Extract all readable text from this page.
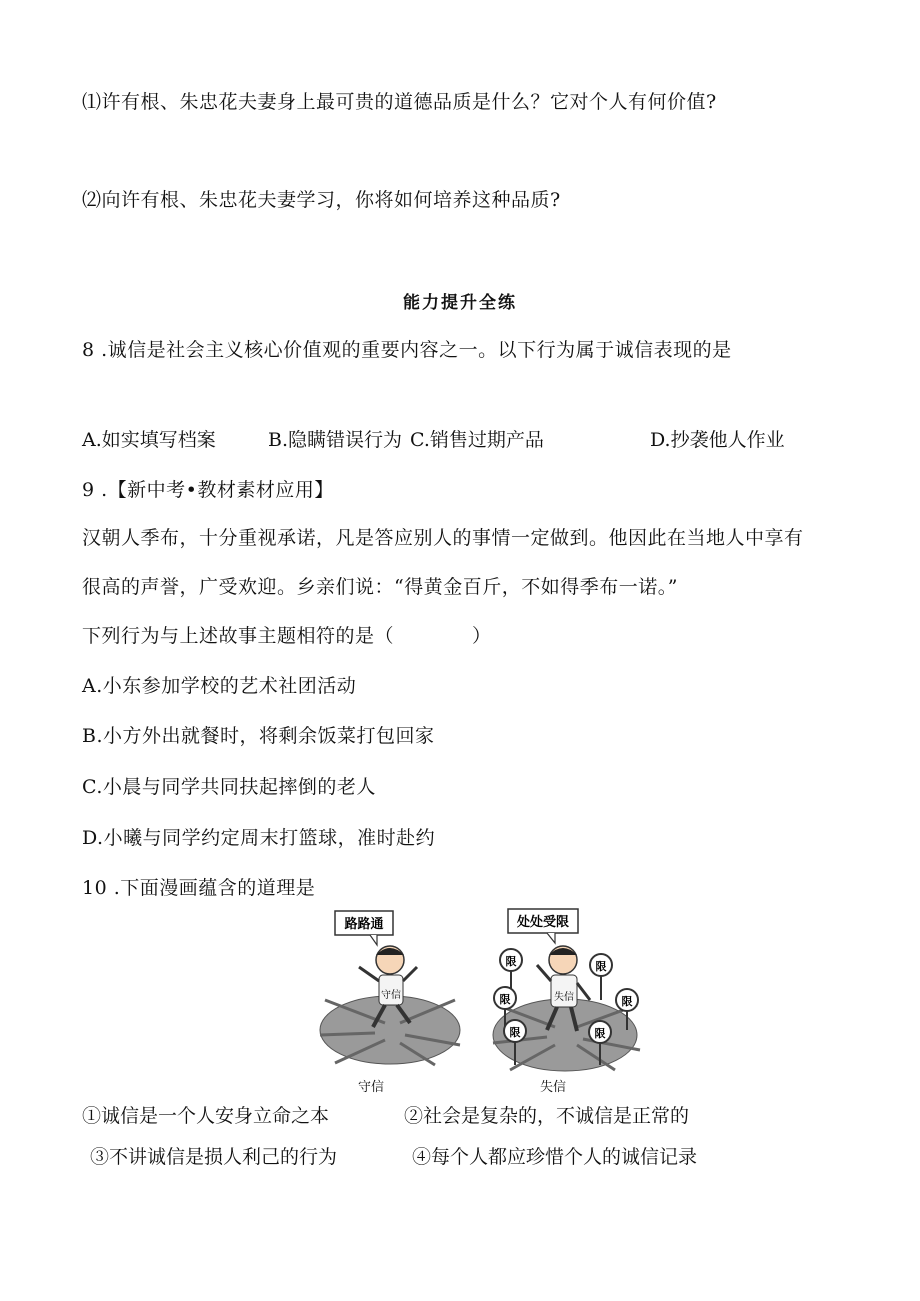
⑴许有根、朱忠花夫妻身上最可贵的道德品质是什么？它对个人有何价值?
⑵向许有根、朱忠花夫妻学习，你将如何培养这种品质?
能力提升全练
8 .诚信是社会主义核心价值观的重要内容之一。以下行为属于诚信表现的是
A.如实填写档案	B.隐瞒错误行为 C.销售过期产品	D.抄袭他人作业
9 .【新中考•教材素材应用】
汉朝人季布，十分重视承诺，凡是答应别人的事情一定做到。他因此在当地人中享有
很高的声誉，广受欢迎。乡亲们说：“得黄金百斤，不如得季布一诺。”
下列行为与上述故事主题相符的是（　　　　）
A.小东参加学校的艺术社团活动
B.小方外出就餐时，将剩余饭菜打包回家
C.小晨与同学共同扶起摔倒的老人
D.小曦与同学约定周末打篮球，准时赴约
10 .下面漫画蕴含的道理是
路路通
守信	失信
处处受限
限	限
限	限
限	限
守信	失信
①诚信是一个人安身立命之本	②社会是复杂的，不诚信是正常的
③不讲诚信是损人利己的行为	④每个人都应珍惜个人的诚信记录
